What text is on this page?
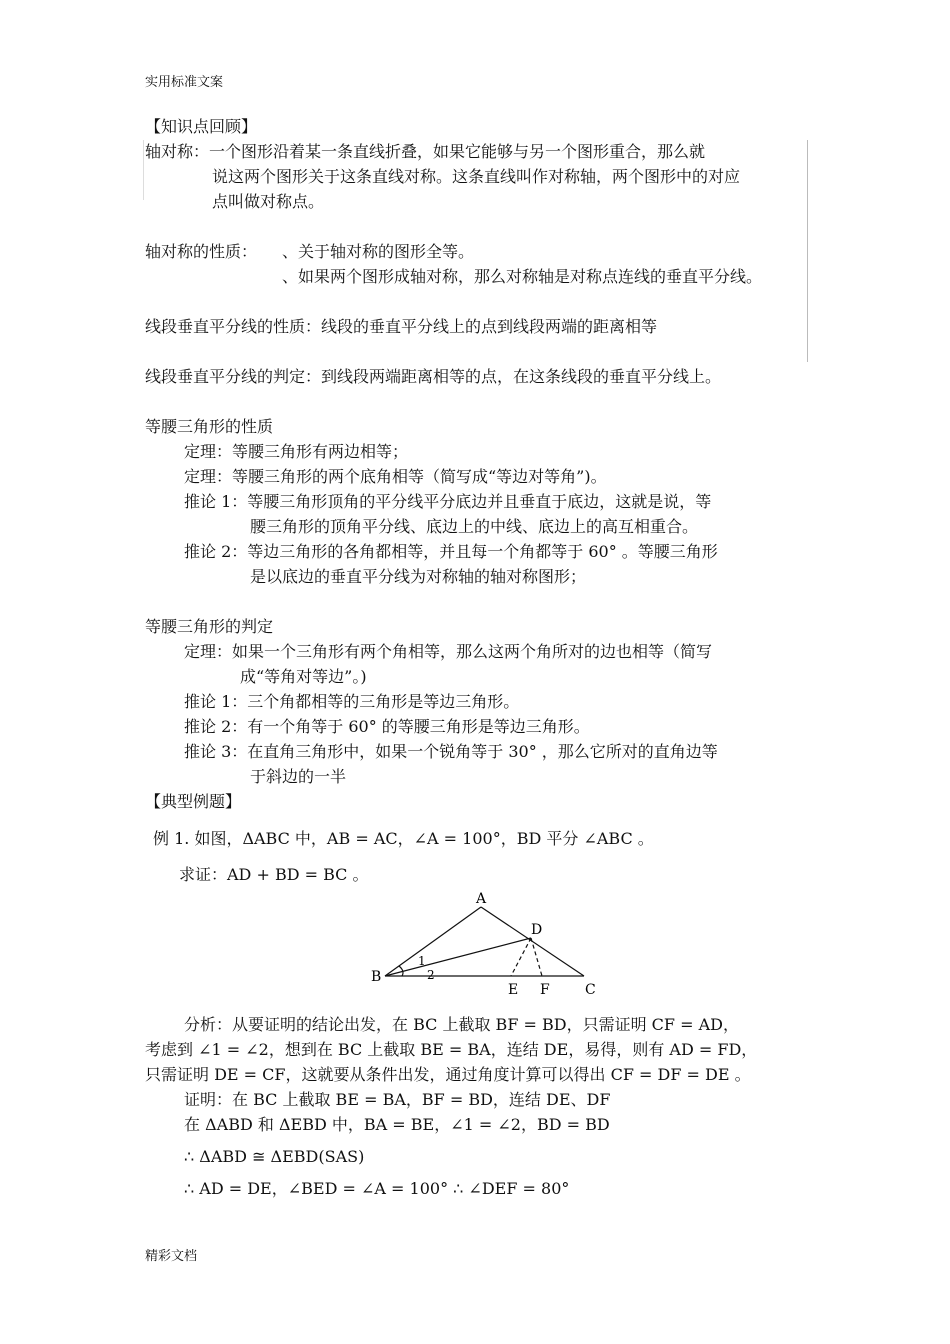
实用标准文案
【知识点回顾】
轴对称：一个图形沿着某一条直线折叠，如果它能够与另一个图形重合，那么就
说这两个图形关于这条直线对称。这条直线叫作对称轴，两个图形中的对应
点叫做对称点。
轴对称的性质： 、关于轴对称的图形全等。
、如果两个图形成轴对称，那么对称轴是对称点连线的垂直平分线。
线段垂直平分线的性质：线段的垂直平分线上的点到线段两端的距离相等
线段垂直平分线的判定：到线段两端距离相等的点，在这条线段的垂直平分线上。
等腰三角形的性质
定理：等腰三角形有两边相等；
定理：等腰三角形的两个底角相等（简写成“等边对等角”)。
推论 1：等腰三角形顶角的平分线平分底边并且垂直于底边，这就是说，等
腰三角形的顶角平分线、底边上的中线、底边上的高互相重合。
推论 2：等边三角形的各角都相等，并且每一个角都等于 60° 。等腰三角形
是以底边的垂直平分线为对称轴的轴对称图形；
等腰三角形的判定
定理：如果一个三角形有两个角相等，那么这两个角所对的边也相等（简写
成“等角对等边”。)
推论 1：三个角都相等的三角形是等边三角形。
推论 2：有一个角等于 60° 的等腰三角形是等边三角形。
推论 3：在直角三角形中，如果一个锐角等于 30° ，那么它所对的直角边等
于斜边的一半
【典型例题】
例 1. 如图，ΔABC 中，AB = AC，∠A = 100°，BD 平分 ∠ABC 。
求证：AD + BD = BC 。
A
B
C
D
E F
1
2
分析：从要证明的结论出发，在 BC 上截取 BF = BD，只需证明 CF = AD，
考虑到 ∠1 = ∠2，想到在 BC 上截取 BE = BA，连结 DE，易得，则有 AD = FD，
只需证明 DE = CF，这就要从条件出发，通过角度计算可以得出 CF = DF = DE 。
证明：在 BC 上截取 BE = BA，BF = BD，连结 DE、DF
在 ΔABD 和 ΔEBD 中，BA = BE，∠1 = ∠2，BD = BD
∴ ΔABD ≅ ΔEBD(SAS)
∴ AD = DE，∠BED = ∠A = 100° ∴ ∠DEF = 80°
精彩文档
